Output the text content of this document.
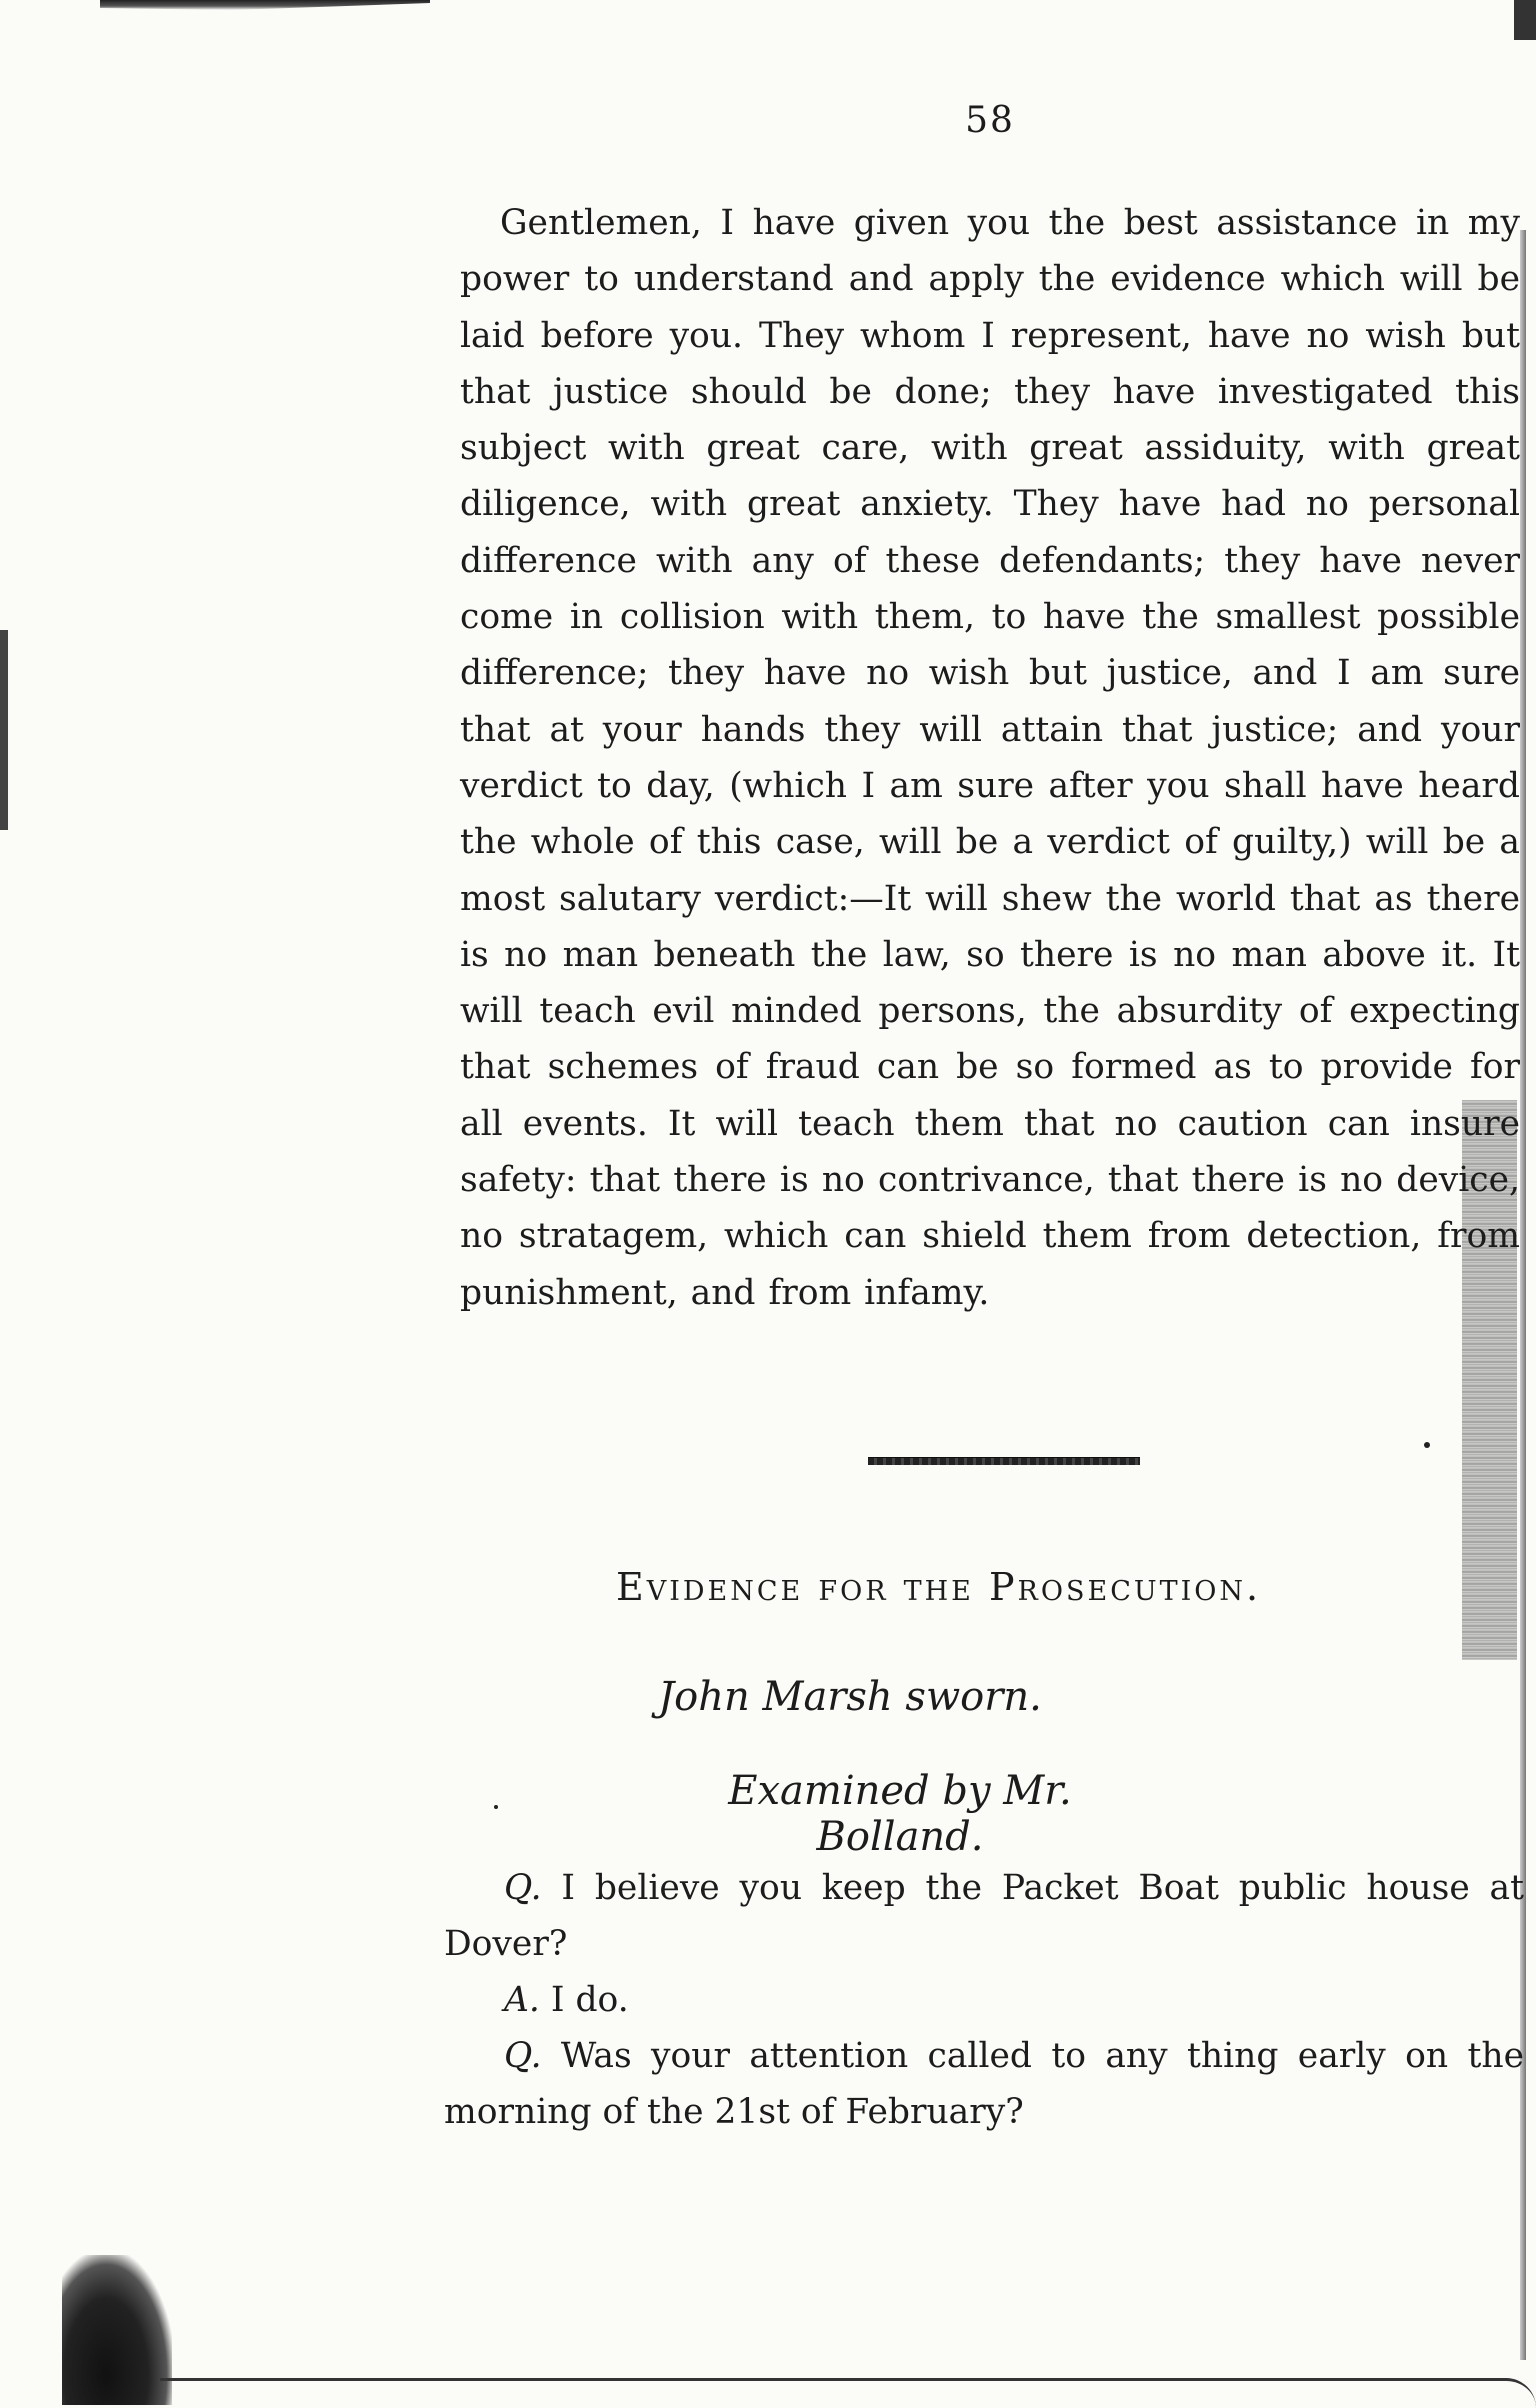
58

Gentlemen, I have given you the best assistance in my power to understand and apply the evidence which will be laid before you. They whom I represent, have no wish but that justice should be done; they have investigated this subject with great care, with great assiduity, with great diligence, with great anxiety. They have had no personal difference with any of these defendants; they have never come in collision with them, to have the smallest possible difference; they have no wish but justice, and I am sure that at your hands they will attain that justice; and your verdict to day, (which I am sure after you shall have heard the whole of this case, will be a verdict of guilty,) will be a most salutary verdict:—It will shew the world that as there is no man beneath the law, so there is no man above it. It will teach evil minded persons, the absurdity of expecting that schemes of fraud can be so formed as to provide for all events. It will teach them that no caution can insure safety: that there is no contrivance, that there is no device, no stratagem, which can shield them from detection, from punishment, and from infamy.

Evidence for the Prosecution.
John Marsh sworn.
Examined by Mr. Bolland.

Q. I believe you keep the Packet Boat public house at Dover?

A. I do.

Q. Was your attention called to any thing early on the morning of the 21st of February?
